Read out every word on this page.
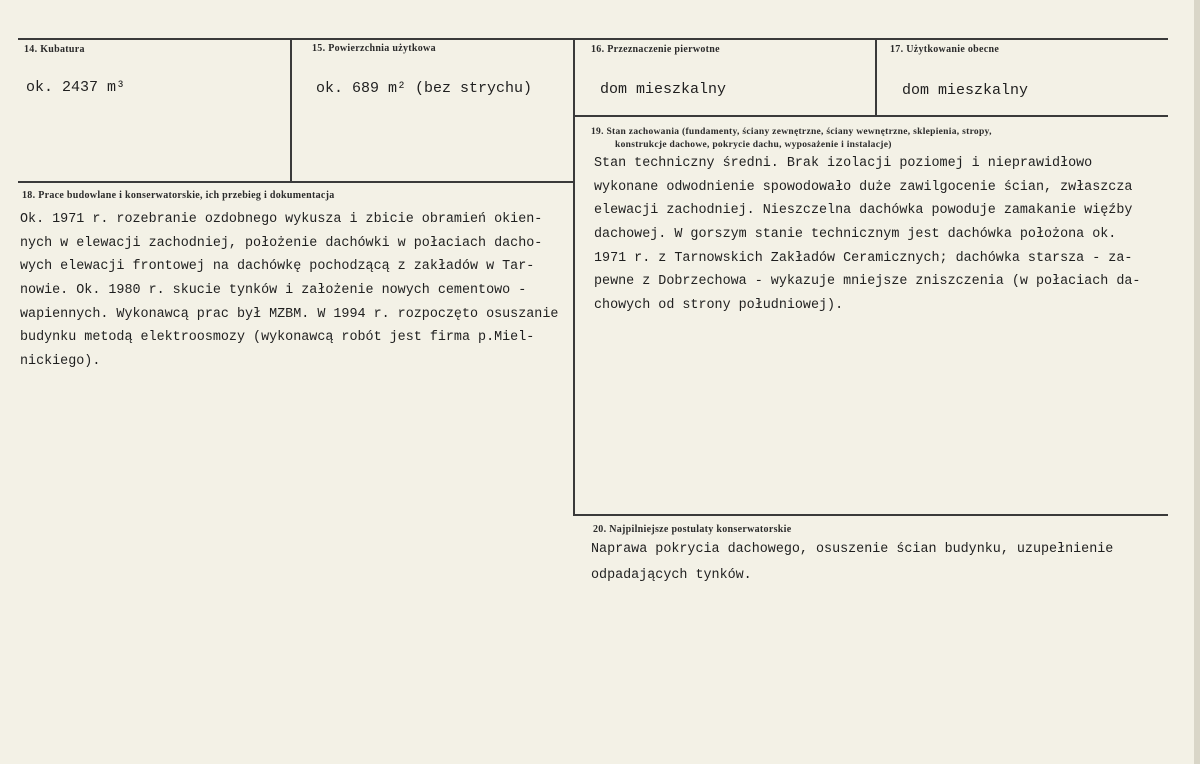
14. Kubatura
ok. 2437 m³
15. Powierzchnia użytkowa
ok. 689 m² (bez strychu)
16. Przeznaczenie pierwotne
dom mieszkalny
17. Użytkowanie obecne
dom mieszkalny
19. Stan zachowania (fundamenty, ściany zewnętrzne, ściany wewnętrzne, sklepienia, stropy,
konstrukcje dachowe, pokrycie dachu, wyposażenie i instalacje)
Stan techniczny średni. Brak izolacji poziomej i nieprawidłowo
wykonane odwodnienie spowodowało duże zawilgocenie ścian, zwłaszcza
elewacji zachodniej. Nieszczelna dachówka powoduje zamakanie więźby
dachowej. W gorszym stanie technicznym jest dachówka położona ok.
1971 r. z Tarnowskich Zakładów Ceramicznych; dachówka starsza - za-
pewne z Dobrzechowa - wykazuje mniejsze zniszczenia (w połaciach da-
chowych od strony południowej).
18. Prace budowlane i konserwatorskie, ich przebieg i dokumentacja
Ok. 1971 r. rozebranie ozdobnego wykusza i zbicie obramień okien-
nych w elewacji zachodniej, położenie dachówki w połaciach dacho-
wych elewacji frontowej na dachówkę pochodzącą z zakładów w Tar-
nowie. Ok. 1980 r. skucie tynków i założenie nowych cementowo -
wapiennych. Wykonawcą prac był MZBM. W 1994 r. rozpoczęto osuszanie
budynku metodą elektroosmozy (wykonawcą robót jest firma p.Miel-
nickiego).
20. Najpilniejsze postulaty konserwatorskie
Naprawa pokrycia dachowego, osuszenie ścian budynku, uzupełnienie
odpadających tynków.
